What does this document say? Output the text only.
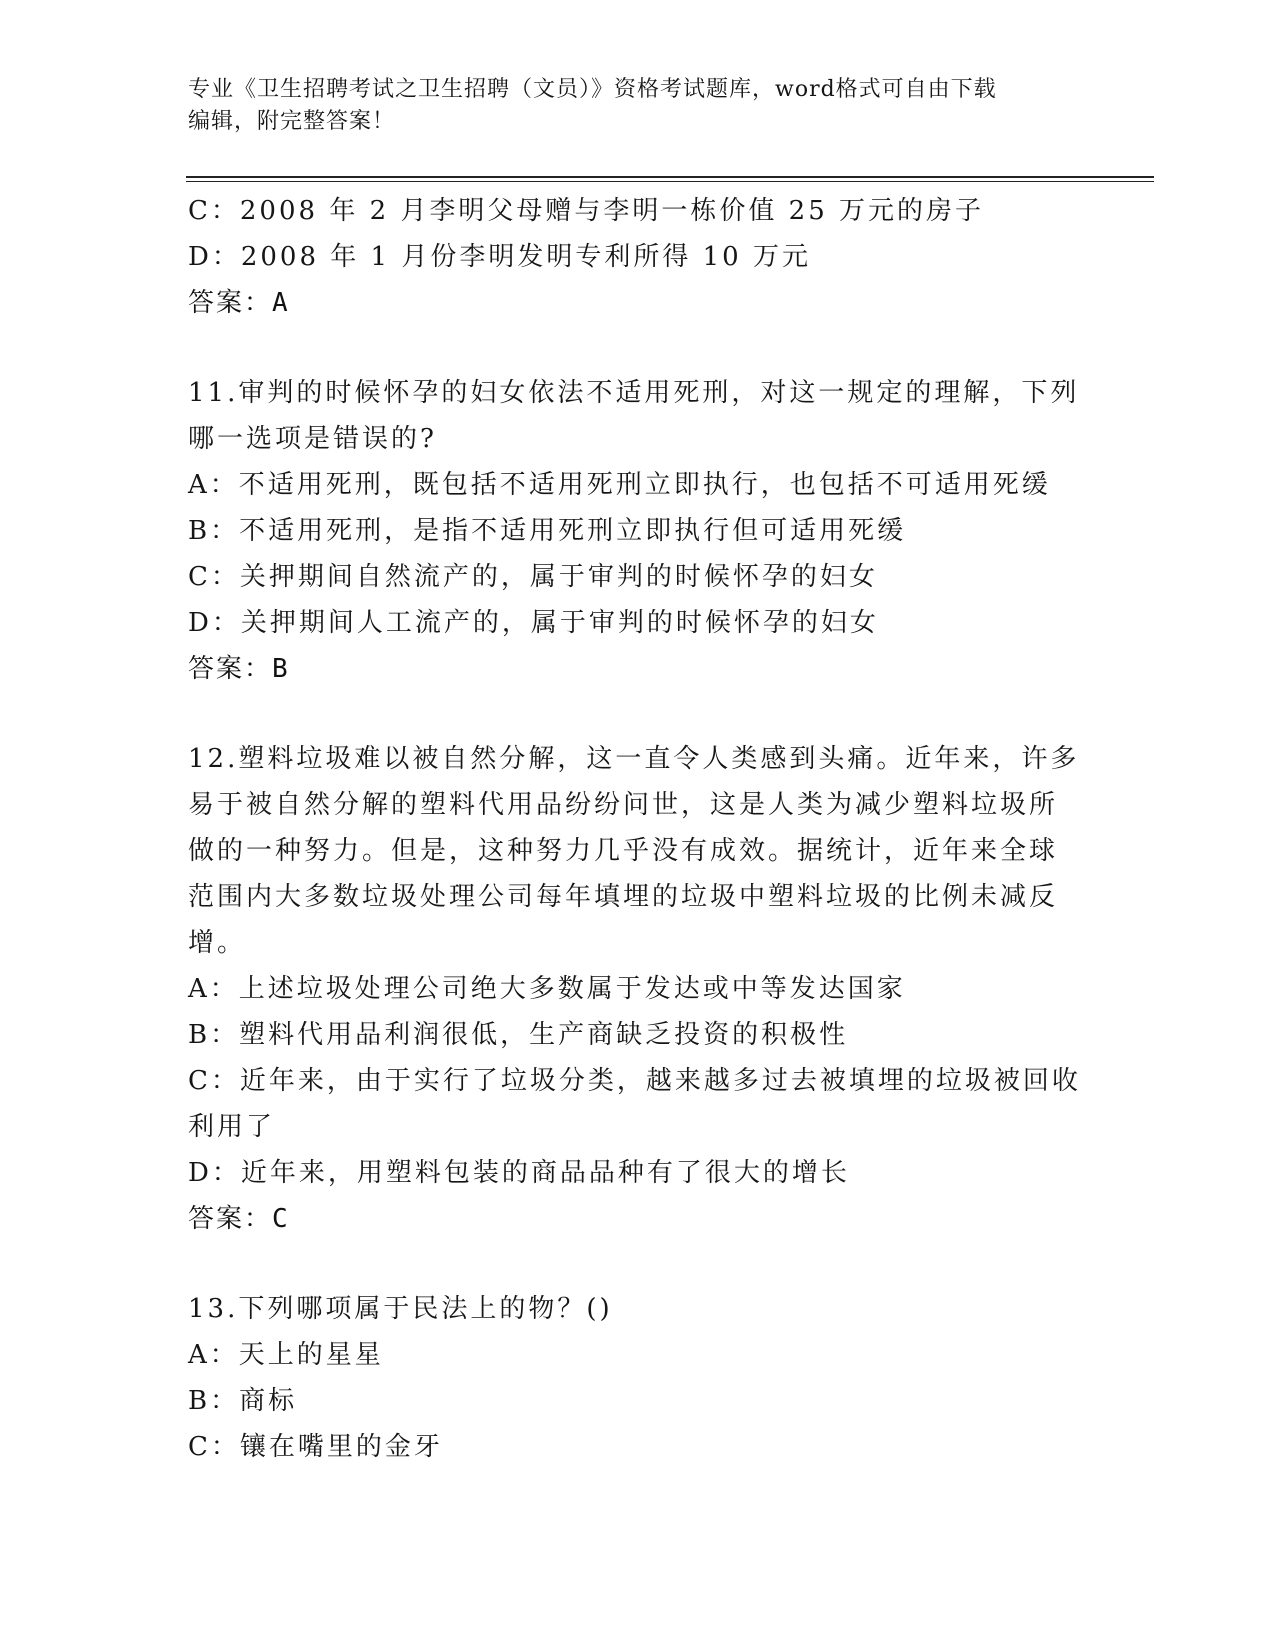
专业《卫生招聘考试之卫生招聘（文员）》资格考试题库，word格式可自由下载
编辑，附完整答案！
C：2008 年 2 月李明父母赠与李明一栋价值 25 万元的房子
D：2008 年 1 月份李明发明专利所得 10 万元
答案：A
11.审判的时候怀孕的妇女依法不适用死刑，对这一规定的理解，下列
哪一选项是错误的?
A：不适用死刑，既包括不适用死刑立即执行，也包括不可适用死缓
B：不适用死刑，是指不适用死刑立即执行但可适用死缓
C：关押期间自然流产的，属于审判的时候怀孕的妇女
D：关押期间人工流产的，属于审判的时候怀孕的妇女
答案：B
12.塑料垃圾难以被自然分解，这一直令人类感到头痛。近年来，许多
易于被自然分解的塑料代用品纷纷问世，这是人类为减少塑料垃圾所
做的一种努力。但是，这种努力几乎没有成效。据统计，近年来全球
范围内大多数垃圾处理公司每年填埋的垃圾中塑料垃圾的比例未减反
增。
A：上述垃圾处理公司绝大多数属于发达或中等发达国家
B：塑料代用品利润很低，生产商缺乏投资的积极性
C：近年来，由于实行了垃圾分类，越来越多过去被填埋的垃圾被回收
利用了
D：近年来，用塑料包装的商品品种有了很大的增长
答案：C
13.下列哪项属于民法上的物？()
A：天上的星星
B：商标
C：镶在嘴里的金牙
